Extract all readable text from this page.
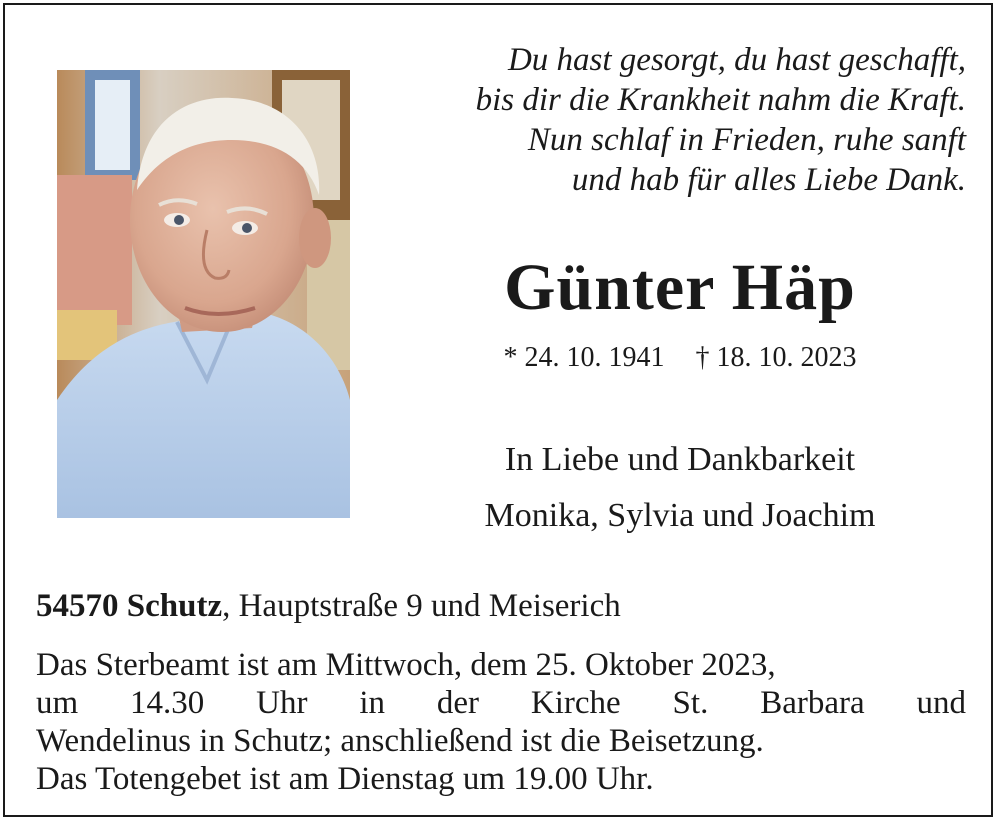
Du hast gesorgt, du hast geschafft,
bis dir die Krankheit nahm die Kraft.
Nun schlaf in Frieden, ruhe sanft
und hab für alles Liebe Dank.
Günter Häp
* 24. 10. 1941 † 18. 10. 2023
In Liebe und Dankbarkeit
Monika, Sylvia und Joachim
54570 Schutz, Hauptstraße 9 und Meiserich
Das Sterbeamt ist am Mittwoch, dem 25. Oktober 2023,
um 14.30 Uhr in der Kirche St. Barbara und
Wendelinus in Schutz; anschließend ist die Beisetzung.
Das Totengebet ist am Dienstag um 19.00 Uhr.
